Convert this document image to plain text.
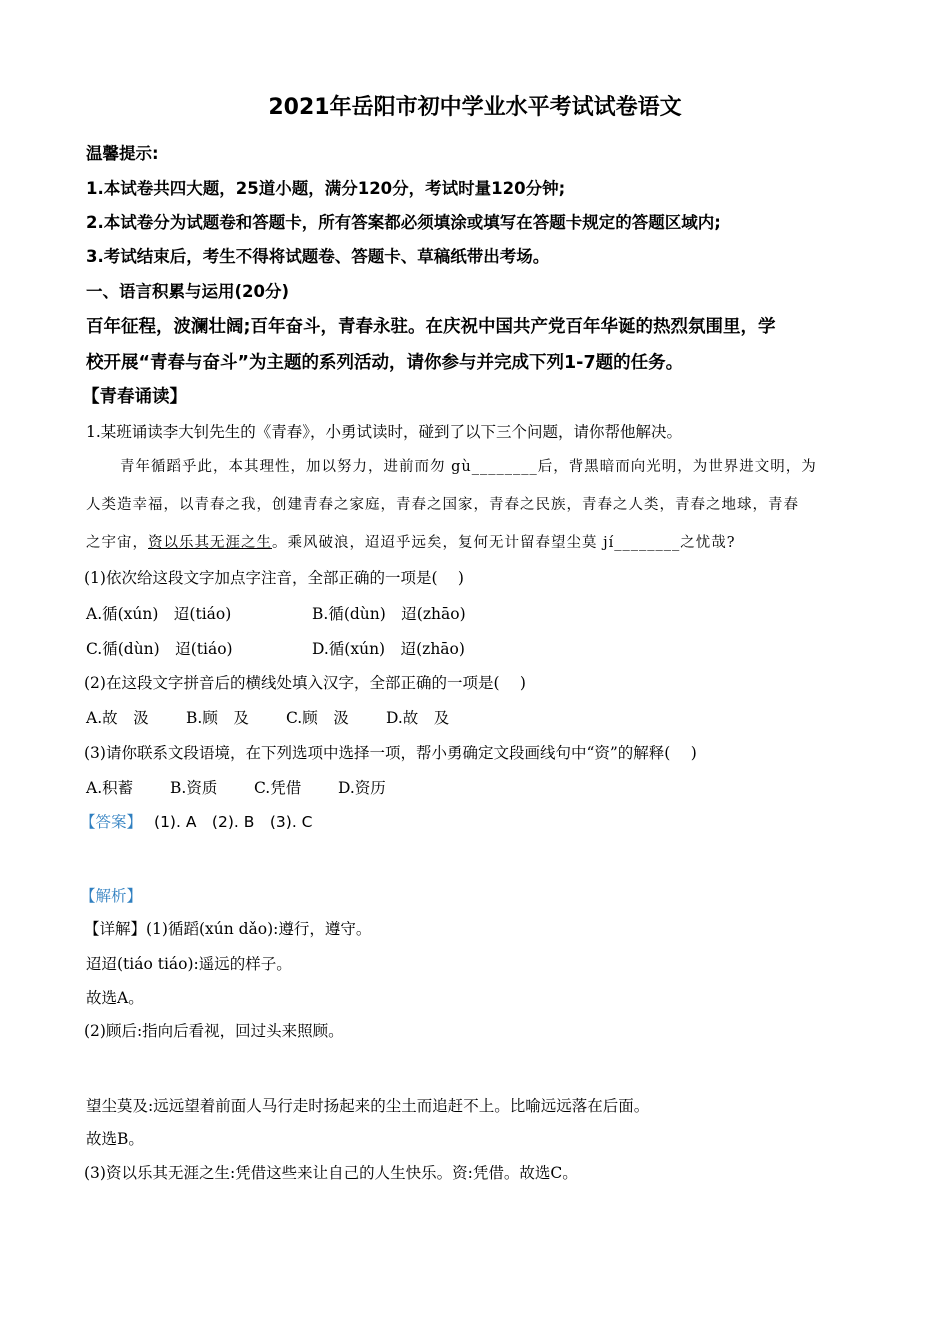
2021年岳阳市初中学业水平考试试卷语文
温馨提示:
1.本试卷共四大题，25道小题，满分120分，考试时量120分钟;
2.本试卷分为试题卷和答题卡，所有答案都必须填涂或填写在答题卡规定的答题区域内;
3.考试结束后，考生不得将试题卷、答题卡、草稿纸带出考场。
一、语言积累与运用(20分)
百年征程，波澜壮阔;百年奋斗，青春永驻。在庆祝中国共产党百年华诞的热烈氛围里，学
校开展“青春与奋斗”为主题的系列活动，请你参与并完成下列1-7题的任务。
【青春诵读】
1.某班诵读李大钊先生的《青春》，小勇试读时，碰到了以下三个问题，请你帮他解决。
青年循蹈乎此，本其理性，加以努力，进前而勿 gù________后，背黑暗而向光明，为世界进文明，为
人类造幸福，以青春之我，创建青春之家庭，青春之国家，青春之民族，青春之人类，青春之地球，青春
之宇宙，资以乐其无涯之生。乘风破浪，迢迢乎远矣，复何无计留春望尘莫 jí________之忧哉?
(1)依次给这段文字加点字注音，全部正确的一项是(　 )
A.循(xún)　迢(tiáo)	B.循(dùn)　迢(zhāo)
C.循(dùn)　迢(tiáo)	D.循(xún)　迢(zhāo)
(2)在这段文字拼音后的横线处填入汉字，全部正确的一项是(　 )
A.故　汲 B.顾　及 C.顾　汲 D.故　及
(3)请你联系文段语境，在下列选项中选择一项，帮小勇确定文段画线句中“资”的解释(　 )
A.积蓄 B.资质 C.凭借 D.资历
【答案】 (1). A　(2). B　(3). C
【解析】
【详解】(1)循蹈(xún dǎo):遵行，遵守。
迢迢(tiáo tiáo):遥远的样子。
故选A。
(2)顾后:指向后看视，回过头来照顾。
望尘莫及:远远望着前面人马行走时扬起来的尘土而追赶不上。比喻远远落在后面。
故选B。
(3)资以乐其无涯之生:凭借这些来让自己的人生快乐。资:凭借。故选C。
